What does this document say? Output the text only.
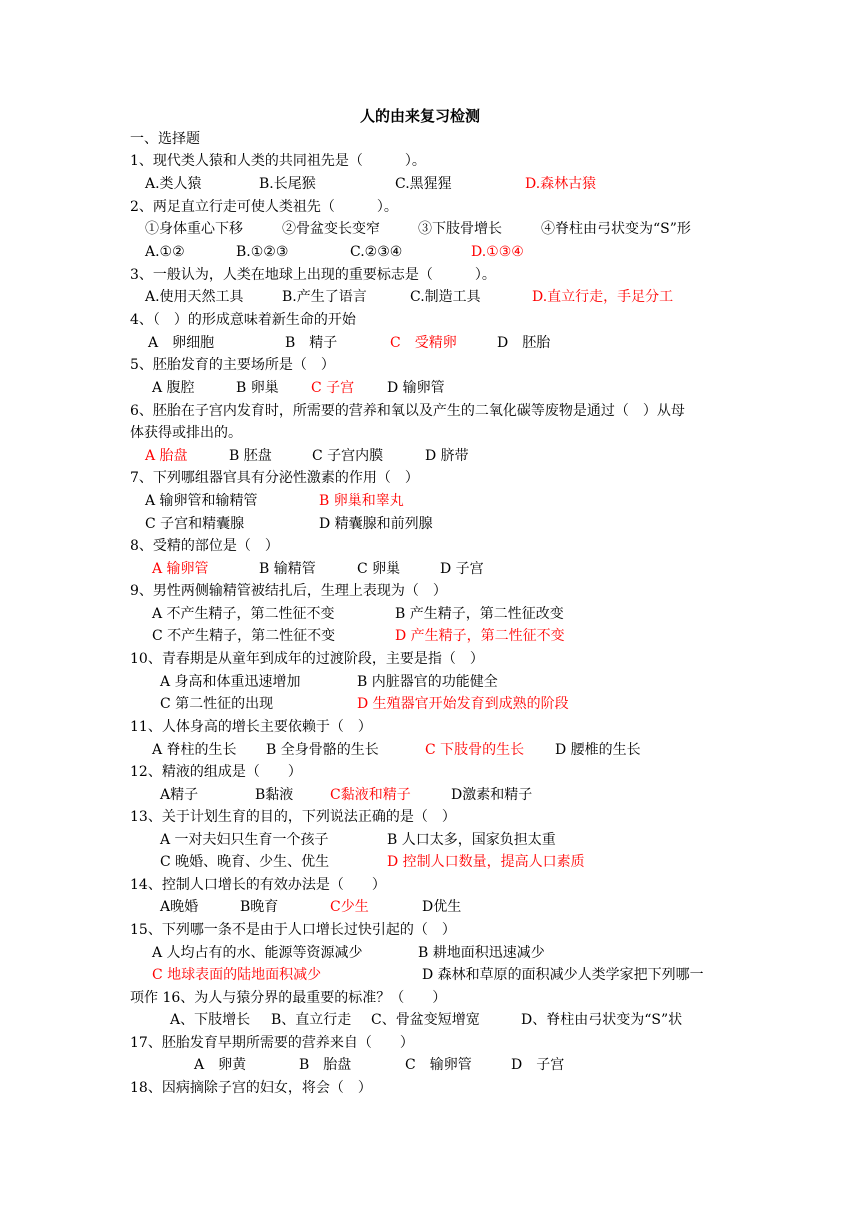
人的由来复习检测
一、选择题
1、现代类人猿和人类的共同祖先是（　　　）。
A.类人猿	B.长尾猴	C.黑猩猩	D.森林古猿
2、两足直立行走可使人类祖先（　　　）。
①身体重心下移	②骨盆变长变窄	③下肢骨增长	④脊柱由弓状变为“S”形
A.①②	B.①②③	C.②③④	D.①③④
3、一般认为，人类在地球上出现的重要标志是（　　　）。
A.使用天然工具	B.产生了语言	C.制造工具	D.直立行走，手足分工
4、（　）的形成意味着新生命的开始
A　卵细胞	B　精子	C　受精卵	D　胚胎
5、胚胎发育的主要场所是（　）
A 腹腔	B 卵巢 C 子宫 D 输卵管
6、胚胎在子宫内发育时，所需要的营养和氧以及产生的二氧化碳等废物是通过（　）从母
体获得或排出的。
A 胎盘	B 胚盘	C 子宫内膜	D 脐带
7、下列哪组器官具有分泌性激素的作用（　）
A 输卵管和输精管	B 卵巢和睾丸
C 子宫和精囊腺	D 精囊腺和前列腺
8、受精的部位是（　）
A 输卵管	B 输精管	C 卵巢	D 子宫
9、男性两侧输精管被结扎后，生理上表现为（　）
A 不产生精子，第二性征不变	B 产生精子，第二性征改变
C 不产生精子，第二性征不变	D 产生精子，第二性征不变
10、青春期是从童年到成年的过渡阶段，主要是指（　）
A 身高和体重迅速增加	B 内脏器官的功能健全
C 第二性征的出现	D 生殖器官开始发育到成熟的阶段
11、人体身高的增长主要依赖于（　）
A 脊柱的生长 B 全身骨骼的生长	C 下肢骨的生长 D 腰椎的生长
12、精液的组成是（　　）
A精子	B黏液	C黏液和精子	D激素和精子
13、关于计划生育的目的，下列说法正确的是（　）
A 一对夫妇只生育一个孩子	B 人口太多，国家负担太重
C 晚婚、晚育、少生、优生	D 控制人口数量，提高人口素质
14、控制人口增长的有效办法是（　　）
A晚婚	B晚育	C少生	D优生
15、下列哪一条不是由于人口增长过快引起的（　）
A 人均占有的水、能源等资源减少	B 耕地面积迅速减少
C 地球表面的陆地面积减少	D 森林和草原的面积减少人类学家把下列哪一
项作 16、为人与猿分界的最重要的标准？（　　）
A、下肢增长 B、直立行走 C、骨盆变短增宽	D、脊柱由弓状变为“S”状
17、胚胎发育早期所需要的营养来自（　　）
A　卵黄	B　胎盘	C　输卵管	D　子宫
18、因病摘除子宫的妇女，将会（　）
